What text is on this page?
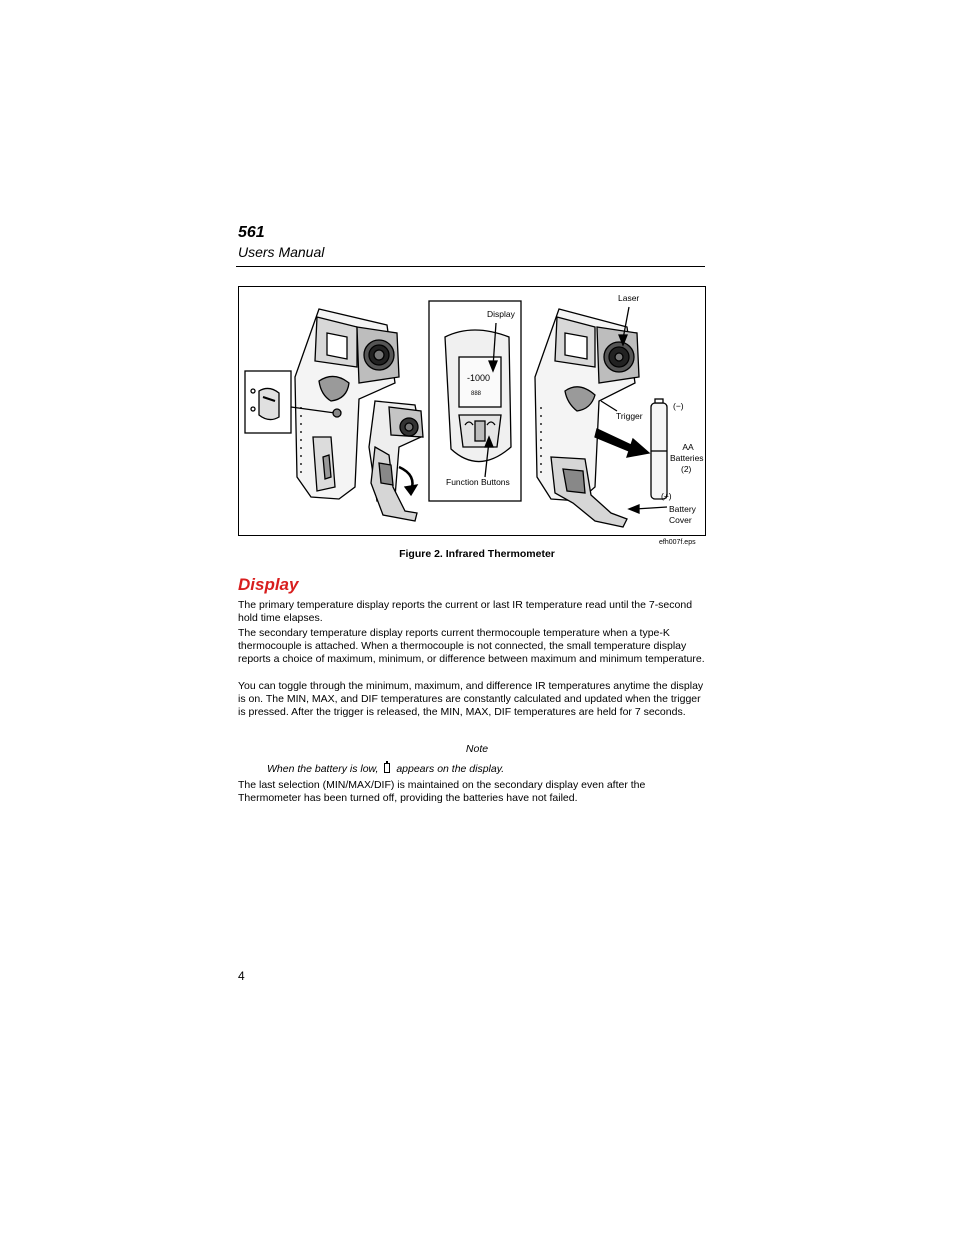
561
Users Manual
-1000
888
Display
Laser
Trigger
Function Buttons
(−)
(+)
AA
Batteries
(2)
Battery
Cover
efh007f.eps
Figure 2. Infrared Thermometer
Display
The primary temperature display reports the current or last IR temperature read until the 7-second hold time elapses.
The secondary temperature display reports current thermocouple temperature when a type-K thermocouple is attached. When a thermocouple is not connected, the small temperature display reports a choice of maximum, minimum, or difference between maximum and minimum temperature.
You can toggle through the minimum, maximum, and difference IR temperatures anytime the display is on. The MIN, MAX, and DIF temperatures are constantly calculated and updated when the trigger is pressed. After the trigger is released, the MIN, MAX, DIF temperatures are held for 7 seconds.
Note
When the battery is low, appears on the display.
The last selection (MIN/MAX/DIF) is maintained on the secondary display even after the Thermometer has been turned off, providing the batteries have not failed.
4
